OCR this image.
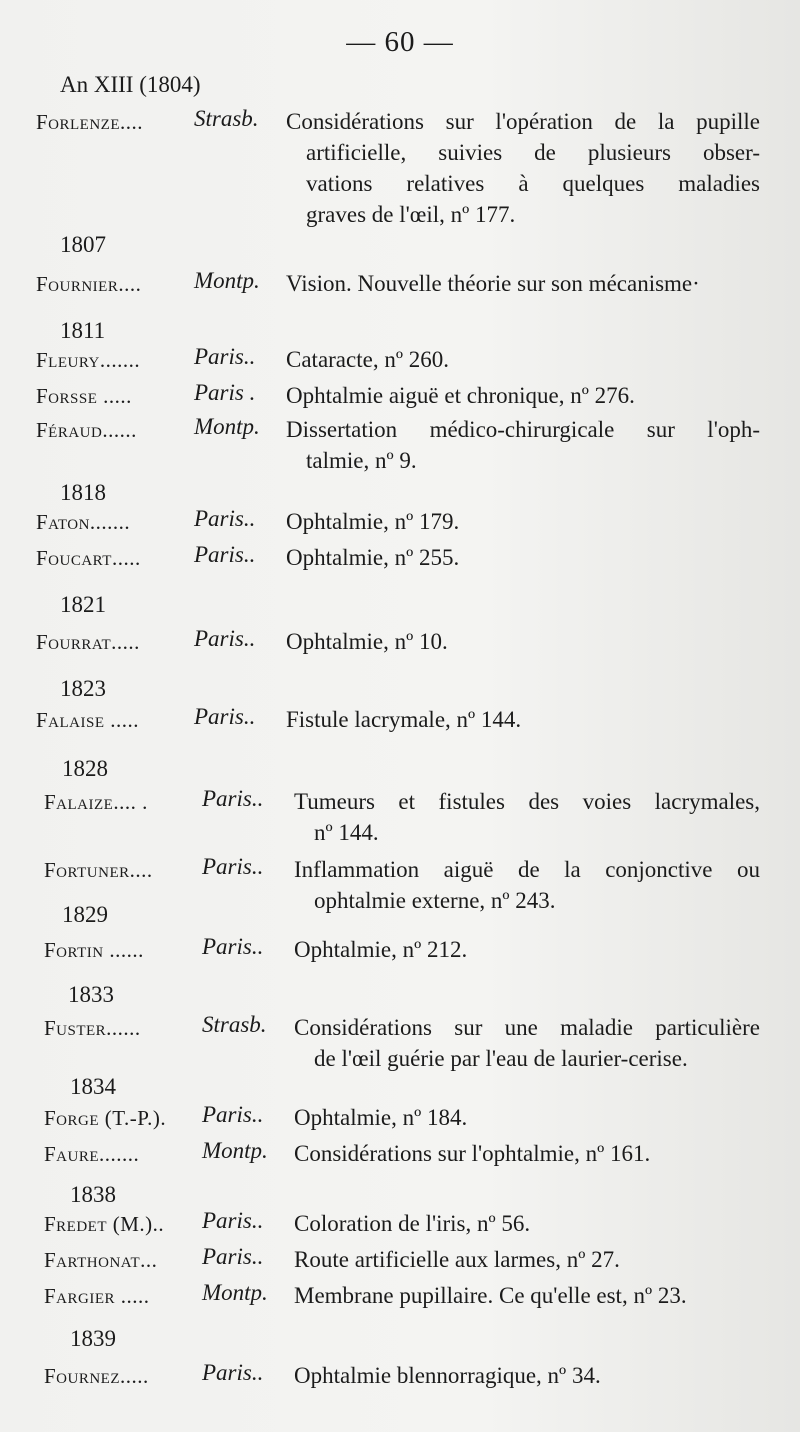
— 60 —
An XIII (1804)
Forlenze.... Strasb. Considérations sur l'opération de la pupille
artificielle, suivies de plusieurs obser-
vations relatives à quelques maladies
graves de l'œil, nº 177.
1807
Fournier.... Montp. Vision. Nouvelle théorie sur son mécanisme·
1811
Fleury....... Paris.. Cataracte, nº 260.
Forsse .....	Paris . Ophtalmie aiguë et chronique, nº 276.
Féraud...... Montp. Dissertation médico-chirurgicale sur l'oph-
talmie, nº 9.
1818
Faton.......	Paris.. Ophtalmie, nº 179.
Foucart..... Paris.. Ophtalmie, nº 255.
1821
Fourrat..... Paris.. Ophtalmie, nº 10.
1823
Falaise ..... Paris.. Fistule lacrymale, nº 144.
1828
Falaize.... . Paris.. Tumeurs et fistules des voies lacrymales,
nº 144.
Fortuner.... Paris.. Inflammation aiguë de la conjonctive ou
ophtalmie externe, nº 243.
1829
Fortin ......	Paris.. Ophtalmie, nº 212.
1833
Fuster......	Strasb. Considérations sur une maladie particulière
de l'œil guérie par l'eau de laurier-cerise.
1834
Forge (T.-P.). Paris.. Ophtalmie, nº 184.
Faure.......	Montp. Considérations sur l'ophtalmie, nº 161.
1838
Fredet (M.).. Paris.. Coloration de l'iris, nº 56.
Farthonat... Paris.. Route artificielle aux larmes, nº 27.
Fargier ..... Montp. Membrane pupillaire. Ce qu'elle est, nº 23.
1839
Fournez..... Paris.. Ophtalmie blennorragique, nº 34.
